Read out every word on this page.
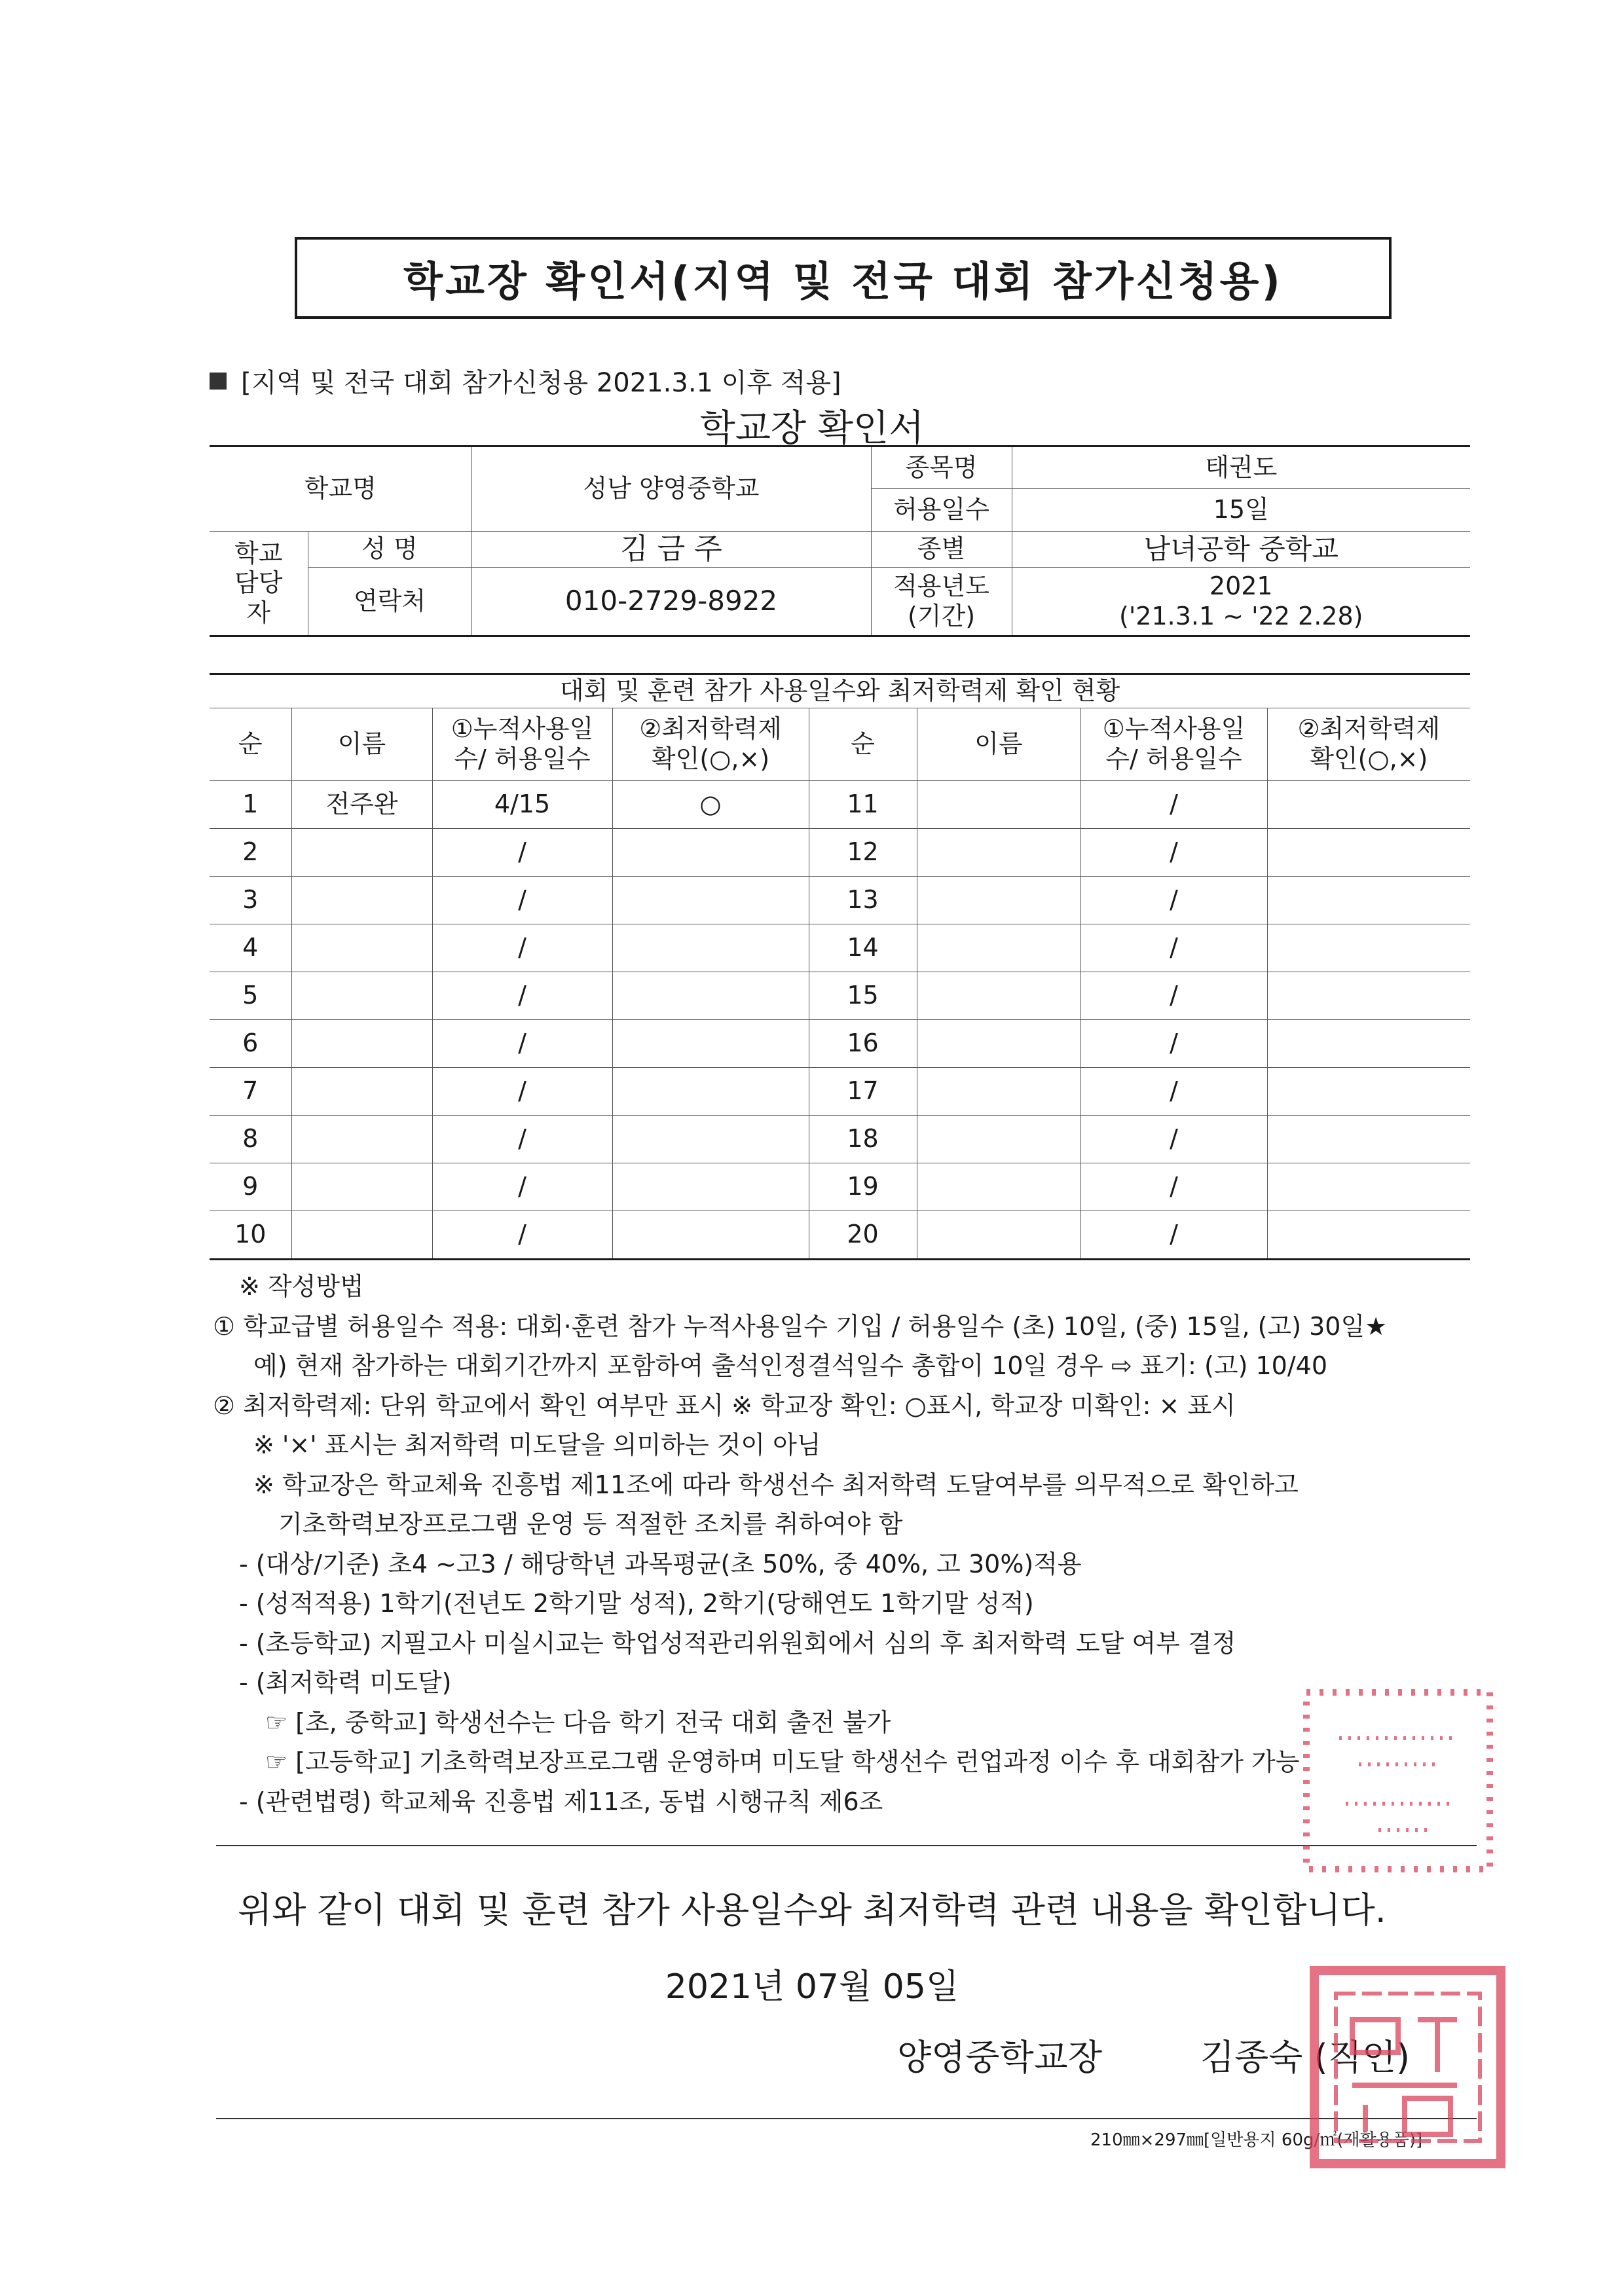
학교장 확인서(지역 및 전국 대회 참가신청용)
[지역 및 전국 대회 참가신청용 2021.3.1 이후 적용]
학교장 확인서
학교명		성남 양영중학교	종목명	태권도
			허용일수	15일
학교 담당자	성 명	김 금 주	종별	남녀공학 중학교
	연락처	010-2729-8922	적용년도 (기간)	2021
('21.3.1 ~ '22 2.28)
대회 및 훈련 참가 사용일수와 최저학력제 확인 현황							
순	이름	①누적사용일수/ 허용일수	②최저학력제 확인(○,×)	순	이름	①누적사용일수/ 허용일수	②최저학력제 확인(○,×)
1	전주완	4/15	○	11		/	
2		/		12		/	
3		/		13		/	
4		/		14		/	
5		/		15		/	
6		/		16		/	
7		/		17		/	
8		/		18		/	
9		/		19		/	
10		/		20		/	
※ 작성방법
① 학교급별 허용일수 적용: 대회·훈련 참가 누적사용일수 기입 / 허용일수 (초) 10일, (중) 15일, (고) 30일★
예) 현재 참가하는 대회기간까지 포함하여 출석인정결석일수 총합이 10일 경우 ⇨ 표기: (고) 10/40
② 최저학력제: 단위 학교에서 확인 여부만 표시 ※ 학교장 확인: ○표시, 학교장 미확인: × 표시
※ '×' 표시는 최저학력 미도달을 의미하는 것이 아님
※ 학교장은 학교체육 진흥법 제11조에 따라 학생선수 최저학력 도달여부를 의무적으로 확인하고
기초학력보장프로그램 운영 등 적절한 조치를 취하여야 함
- (대상/기준) 초4 ~고3 / 해당학년 과목평균(초 50%, 중 40%, 고 30%)적용
- (성적적용) 1학기(전년도 2학기말 성적), 2학기(당해연도 1학기말 성적)
- (초등학교) 지필고사 미실시교는 학업성적관리위원회에서 심의 후 최저학력 도달 여부 결정
- (최저학력 미도달)
☞ [초, 중학교] 학생선수는 다음 학기 전국 대회 출전 불가
☞ [고등학교] 기초학력보장프로그램 운영하며 미도달 학생선수 런업과정 이수 후 대회참가 가능
- (관련법령) 학교체육 진흥법 제11조, 동법 시행규칙 제6조
위와 같이 대회 및 훈련 참가 사용일수와 최저학력 관련 내용을 확인합니다.
2021년 07월 05일
양영중학교장	김종숙 (직인)
210㎜×297㎜[일반용지 60g/㎡(재활용품)]
